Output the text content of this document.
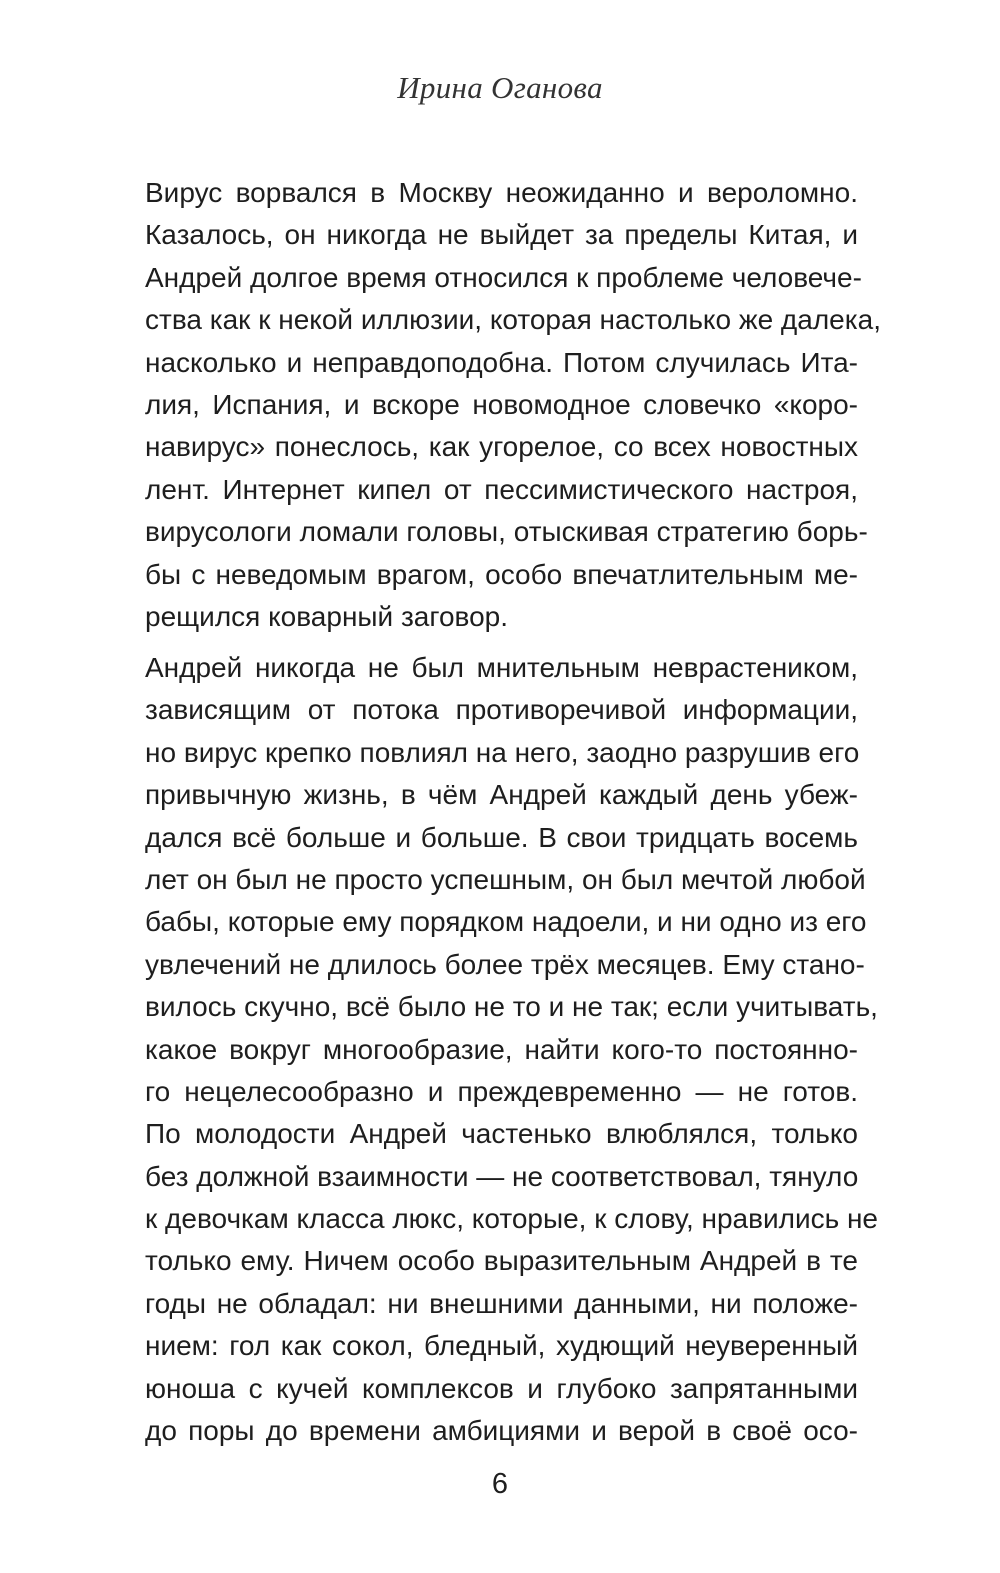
Ирина Оганова
Вирус ворвался в Москву неожиданно и вероломно.
Казалось, он никогда не выйдет за пределы Китая, и
Андрей долгое время относился к проблеме человече-
ства как к некой иллюзии, которая настолько же далека,
насколько и неправдоподобна. Потом случилась Ита-
лия, Испания, и вскоре новомодное словечко «коро-
навирус» понеслось, как угорелое, со всех новостных
лент. Интернет кипел от пессимистического настроя,
вирусологи ломали головы, отыскивая стратегию борь-
бы с неведомым врагом, особо впечатлительным ме-
рещился коварный заговор.
Андрей никогда не был мнительным неврастеником,
зависящим от потока противоречивой информации,
но вирус крепко повлиял на него, заодно разрушив его
привычную жизнь, в чём Андрей каждый день убеж-
дался всё больше и больше. В свои тридцать восемь
лет он был не просто успешным, он был мечтой любой
бабы, которые ему порядком надоели, и ни одно из его
увлечений не длилось более трёх месяцев. Ему стано-
вилось скучно, всё было не то и не так; если учитывать,
какое вокруг многообразие, найти кого-то постоянно-
го нецелесообразно и преждевременно — не готов.
По молодости Андрей частенько влюблялся, только
без должной взаимности — не соответствовал, тянуло
к девочкам класса люкс, которые, к слову, нравились не
только ему. Ничем особо выразительным Андрей в те
годы не обладал: ни внешними данными, ни положе-
нием: гол как сокол, бледный, худющий неуверенный
юноша с кучей комплексов и глубоко запрятанными
до поры до времени амбициями и верой в своё осо-
6
